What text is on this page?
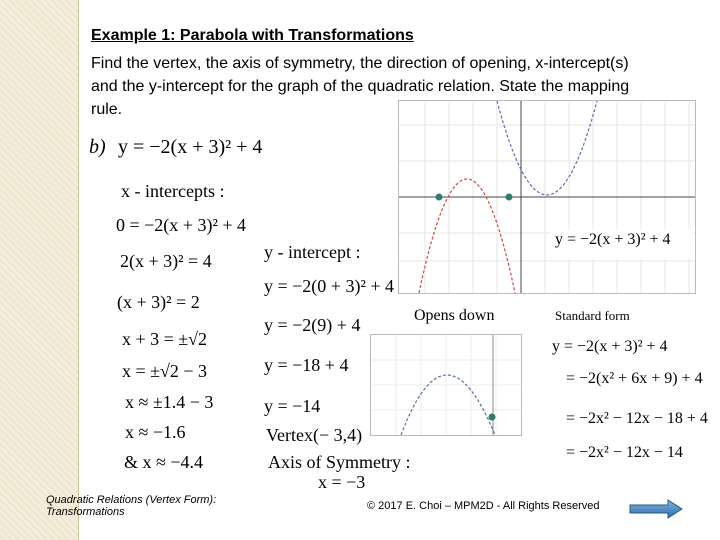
Example 1: Parabola with Transformations
Find the vertex, the axis of symmetry, the direction of opening, x-intercept(s) and the y-intercept for the graph of the quadratic relation. State the mapping rule.
b) y = −2(x + 3)² + 4
x - intercepts :
0 = −2(x + 3)² + 4
2(x + 3)² = 4
(x + 3)² = 2
x + 3 = ±√2
x = ±√2 − 3
x ≈ ±1.4 − 3
x ≈ −1.6
& x ≈ −4.4
y - intercept :
y = −2(0 + 3)² + 4
y = −2(9) + 4
y = −18 + 4
y = −14
Vertex(− 3,4)
Axis of Symmetry :
x = −3
y = −2(x + 3)² + 4
Opens down	Standard form
y = −2(x + 3)² + 4
= −2(x² + 6x + 9) + 4
= −2x² − 12x − 18 + 4
= −2x² − 12x − 14
Quadratic Relations (Vertex Form):
Transformations	© 2017 E. Choi – MPM2D - All Rights Reserved
